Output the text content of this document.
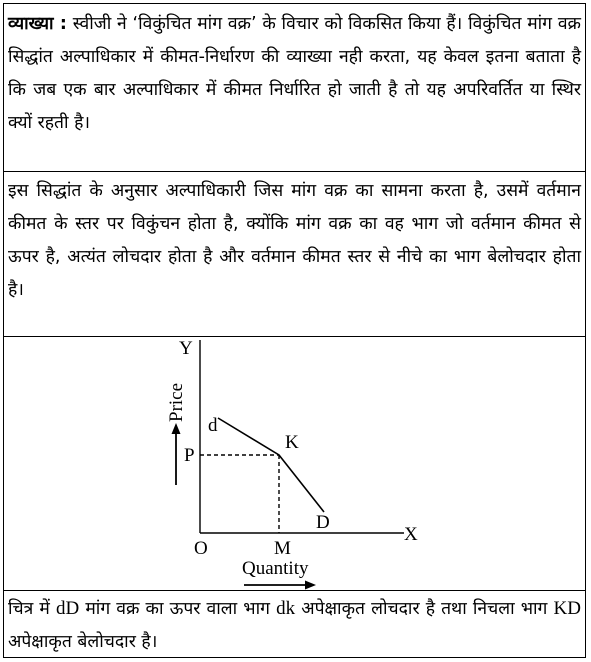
व्याख्या : स्वीजी ने ‘विकुंचित मांग वक्र’ के विचार को विकसित किया हैं। विकुंचित मांग वक्र सिद्धांत अल्पाधिकार में कीमत-निर्धारण की व्याख्या नही करता, यह केवल इतना बताता है कि जब एक बार अल्पाधिकार में कीमत निर्धारित हो जाती है तो यह अपरिवर्तित या स्थिर क्यों रहती है।
इस सिद्धांत के अनुसार अल्पाधिकारी जिस मांग वक्र का सामना करता है, उसमें वर्तमान कीमत के स्तर पर विकुंचन होता है, क्योंकि मांग वक्र का वह भाग जो वर्तमान कीमत से ऊपर है, अत्यंत लोचदार होता है और वर्तमान कीमत स्तर से नीचे का भाग बेलोचदार होता है।
Y
X
O
Price
Quantity
P
M
d
K
D
चित्र में dD मांग वक्र का ऊपर वाला भाग dk अपेक्षाकृत लोचदार है तथा निचला भाग KD अपेक्षाकृत बेलोचदार है।
